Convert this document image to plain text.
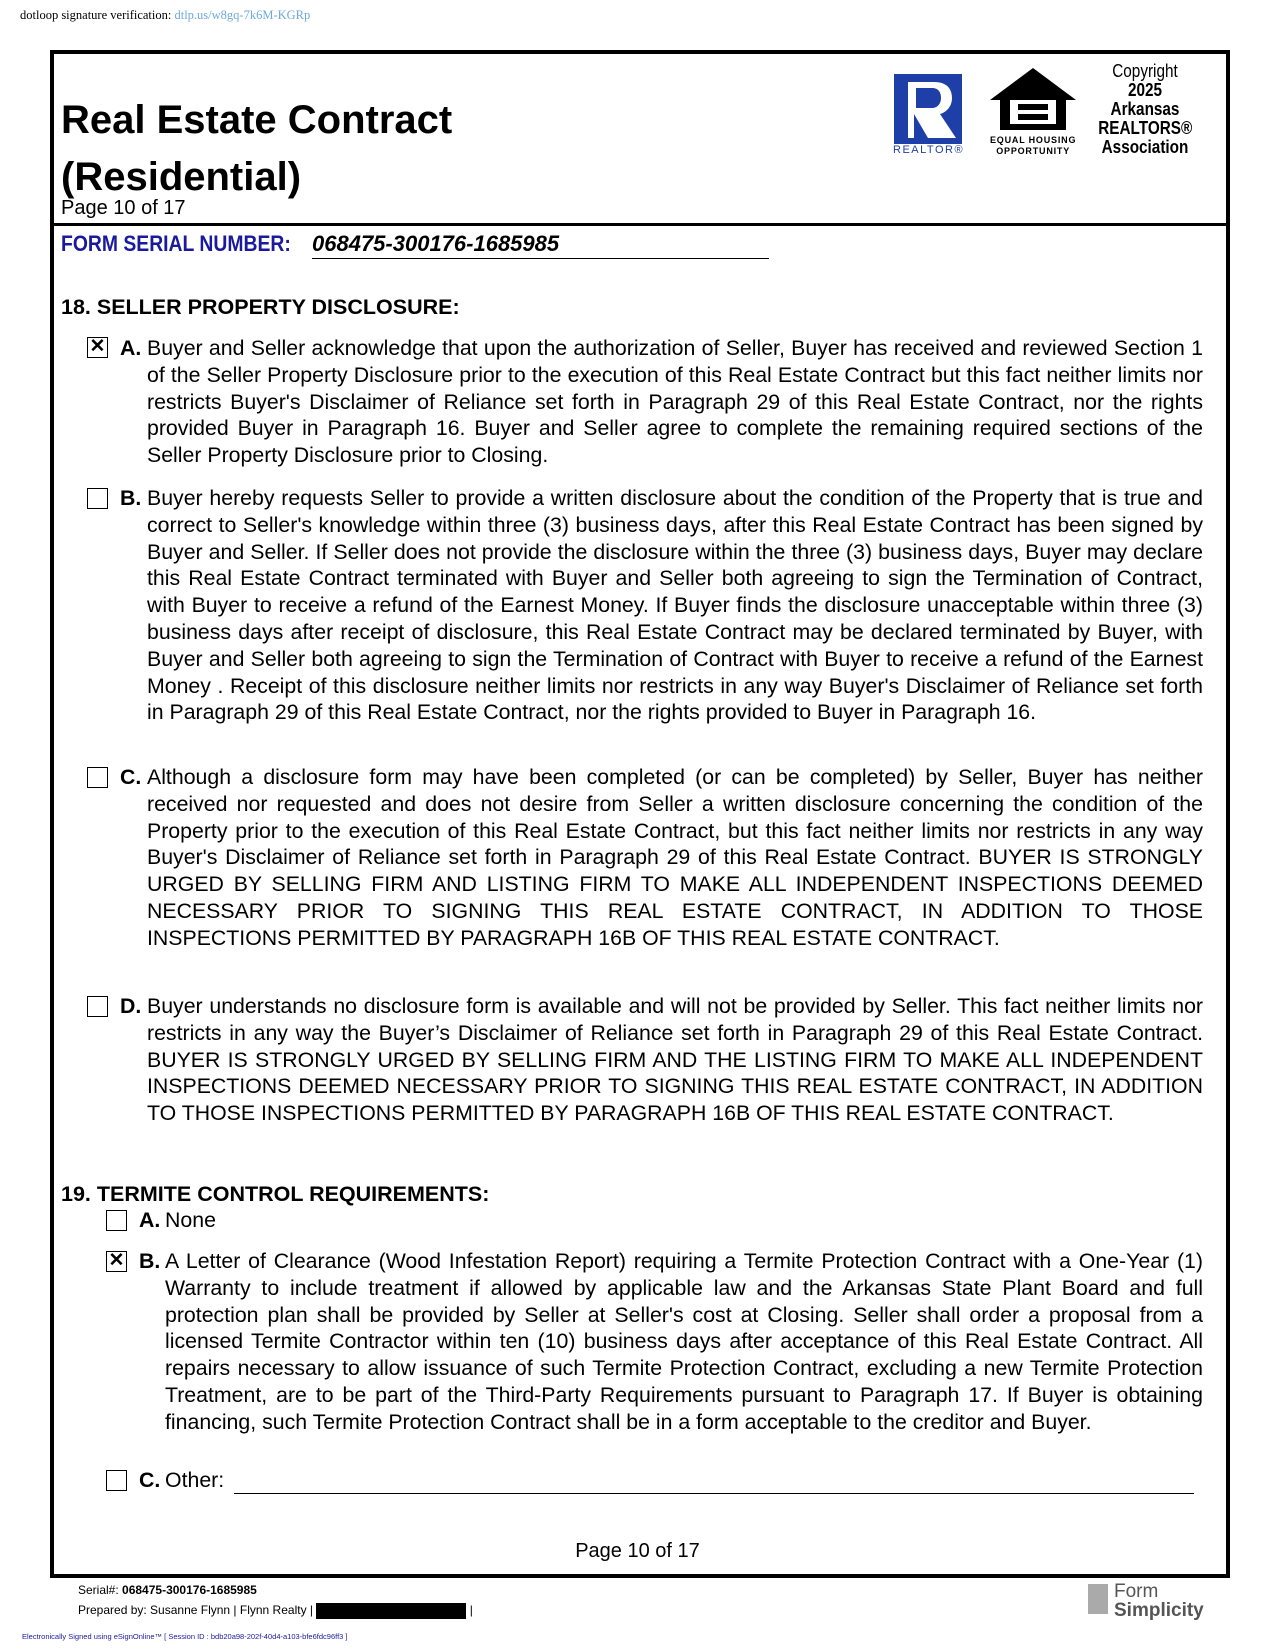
dotloop signature verification: dtlp.us/w8gq-7k6M-KGRp
Real Estate Contract
(Residential)
Page 10 of 17
REALTOR®
EQUAL HOUSING
OPPORTUNITY
Copyright
2025
Arkansas
REALTORS®
Association
FORM SERIAL NUMBER: 068475-300176-1685985
18. SELLER PROPERTY DISCLOSURE:
✕ A. Buyer and Seller acknowledge that upon the authorization of Seller, Buyer has received and reviewed Section 1 of the Seller Property Disclosure prior to the execution of this Real Estate Contract but this fact neither limits nor restricts Buyer's Disclaimer of Reliance set forth in Paragraph 29 of this Real Estate Contract, nor the rights provided Buyer in Paragraph 16. Buyer and Seller agree to complete the remaining required sections of the Seller Property Disclosure prior to Closing.
B. Buyer hereby requests Seller to provide a written disclosure about the condition of the Property that is true and correct to Seller's knowledge within three (3) business days, after this Real Estate Contract has been signed by Buyer and Seller. If Seller does not provide the disclosure within the three (3) business days, Buyer may declare this Real Estate Contract terminated with Buyer and Seller both agreeing to sign the Termination of Contract, with Buyer to receive a refund of the Earnest Money. If Buyer finds the disclosure unacceptable within three (3) business days after receipt of disclosure, this Real Estate Contract may be declared terminated by Buyer, with Buyer and Seller both agreeing to sign the Termination of Contract with Buyer to receive a refund of the Earnest Money . Receipt of this disclosure neither limits nor restricts in any way Buyer's Disclaimer of Reliance set forth in Paragraph 29 of this Real Estate Contract, nor the rights provided to Buyer in Paragraph 16.
C. Although a disclosure form may have been completed (or can be completed) by Seller, Buyer has neither received nor requested and does not desire from Seller a written disclosure concerning the condition of the Property prior to the execution of this Real Estate Contract, but this fact neither limits nor restricts in any way Buyer's Disclaimer of Reliance set forth in Paragraph 29 of this Real Estate Contract. BUYER IS STRONGLY URGED BY SELLING FIRM AND LISTING FIRM TO MAKE ALL INDEPENDENT INSPECTIONS DEEMED NECESSARY PRIOR TO SIGNING THIS REAL ESTATE CONTRACT, IN ADDITION TO THOSE INSPECTIONS PERMITTED BY PARAGRAPH 16B OF THIS REAL ESTATE CONTRACT.
D. Buyer understands no disclosure form is available and will not be provided by Seller. This fact neither limits nor restricts in any way the Buyer’s Disclaimer of Reliance set forth in Paragraph 29 of this Real Estate Contract. BUYER IS STRONGLY URGED BY SELLING FIRM AND THE LISTING FIRM TO MAKE ALL INDEPENDENT INSPECTIONS DEEMED NECESSARY PRIOR TO SIGNING THIS REAL ESTATE CONTRACT, IN ADDITION TO THOSE INSPECTIONS PERMITTED BY PARAGRAPH 16B OF THIS REAL ESTATE CONTRACT.
19. TERMITE CONTROL REQUIREMENTS:
A. None
✕ B. A Letter of Clearance (Wood Infestation Report) requiring a Termite Protection Contract with a One-Year (1) Warranty to include treatment if allowed by applicable law and the Arkansas State Plant Board and full protection plan shall be provided by Seller at Seller's cost at Closing. Seller shall order a proposal from a licensed Termite Contractor within ten (10) business days after acceptance of this Real Estate Contract. All repairs necessary to allow issuance of such Termite Protection Contract, excluding a new Termite Protection Treatment, are to be part of the Third-Party Requirements pursuant to Paragraph 17. If Buyer is obtaining financing, such Termite Protection Contract shall be in a form acceptable to the creditor and Buyer.
C. Other:
Page 10 of 17
Serial#: 068475-300176-1685985
Prepared by: Susanne Flynn | Flynn Realty |	|
Electronically Signed using eSignOnline™ [ Session ID : bdb20a98-202f-40d4-a103-bfe6fdc96ff3 ]
Form
Simplicity
